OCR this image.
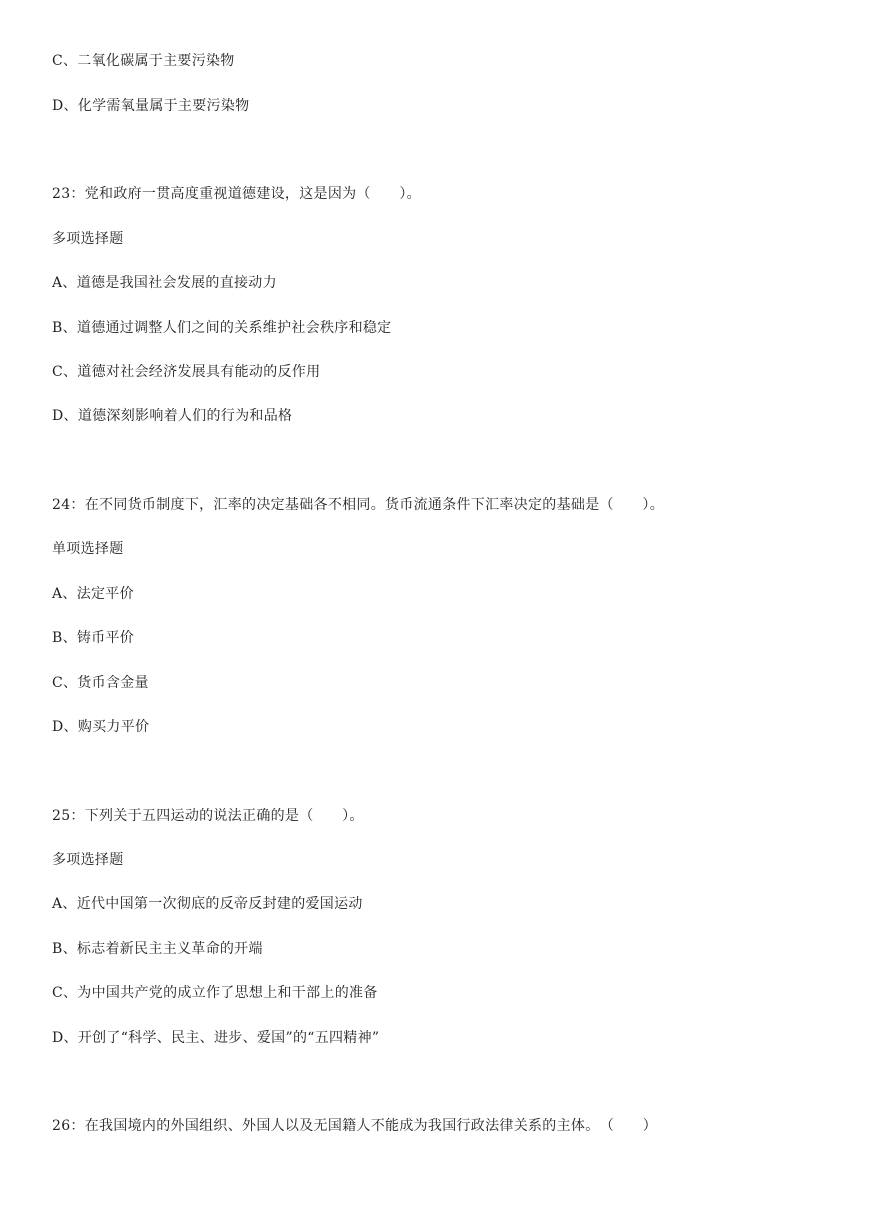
C、二氧化碳属于主要污染物
D、化学需氧量属于主要污染物
23：党和政府一贯高度重视道德建设，这是因为（　　）。
多项选择题
A、道德是我国社会发展的直接动力
B、道德通过调整人们之间的关系维护社会秩序和稳定
C、道德对社会经济发展具有能动的反作用
D、道德深刻影响着人们的行为和品格
24：在不同货币制度下，汇率的决定基础各不相同。货币流通条件下汇率决定的基础是（　　）。
单项选择题
A、法定平价
B、铸币平价
C、货币含金量
D、购买力平价
25：下列关于五四运动的说法正确的是（　　）。
多项选择题
A、近代中国第一次彻底的反帝反封建的爱国运动
B、标志着新民主主义革命的开端
C、为中国共产党的成立作了思想上和干部上的准备
D、开创了“科学、民主、进步、爱国”的“五四精神”
26：在我国境内的外国组织、外国人以及无国籍人不能成为我国行政法律关系的主体。　（　　）
